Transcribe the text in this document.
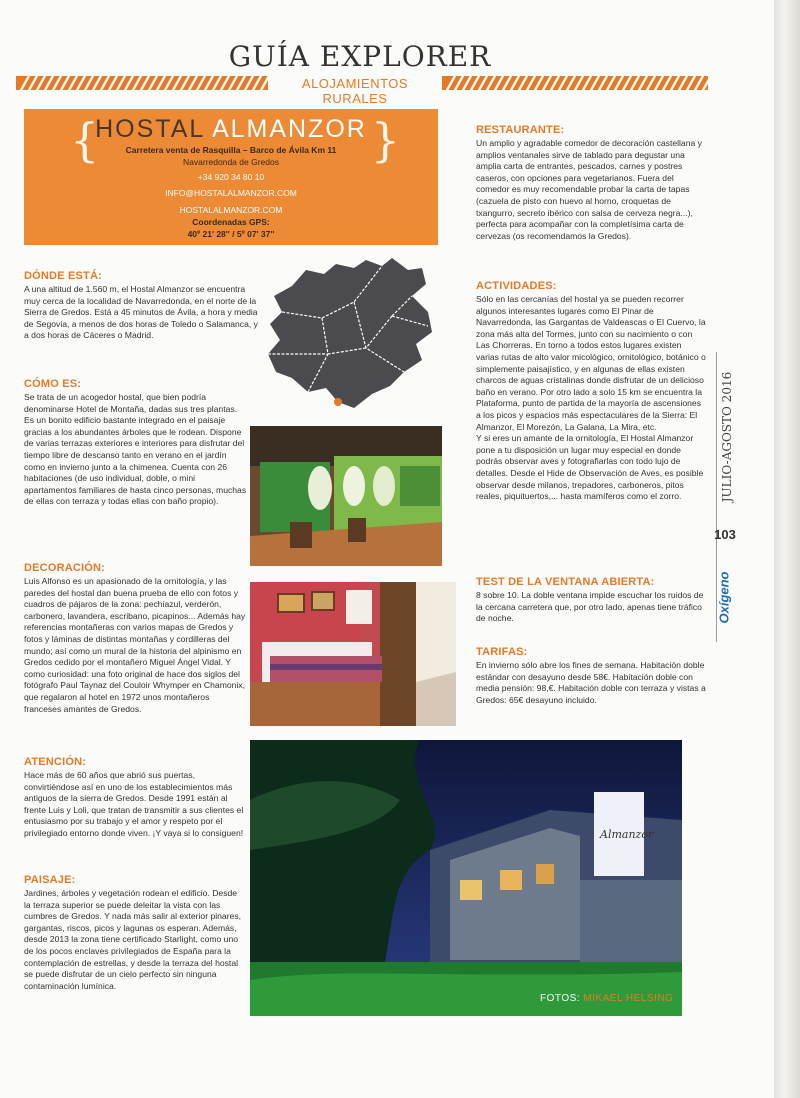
GUÍA EXPLORER
ALOJAMIENTOS RURALES
{	}
HOSTAL ALMANZOR
Carretera venta de Rasquilla – Barco de Ávila Km 11
Navarredonda de Gredos
+34 920 34 80 10
INFO@HOSTALALMANZOR.COM
HOSTALALMANZOR.COM
Coordenadas GPS:
40º 21' 28'' / 5º 07' 37''
DÓNDE ESTÁ:

A una altitud de 1.560 m, el Hostal Almanzor se encuentra muy cerca de la localidad de Navarredonda, en el norte de la Sierra de Gredos. Está a 45 minutos de Ávila, a hora y media de Segovia, a menos de dos horas de Toledo o Salamanca, y a dos horas de Cáceres o Madrid.

CÓMO ES:

Se trata de un acogedor hostal, que bien podría denominarse Hotel de Montaña, dadas sus tres plantas. Es un bonito edificio bastante integrado en el paisaje gracias a los abundantes árboles que le rodean. Dispone de varias terrazas exteriores e interiores para disfrutar del tiempo libre de descanso tanto en verano en el jardín como en invierno junto a la chimenea. Cuenta con 26 habitaciones (de uso individual, doble, o mini apartamentos familiares de hasta cinco personas, muchas de ellas con terraza y todas ellas con baño propio).

DECORACIÓN:

Luis Alfonso es un apasionado de la ornitología, y las paredes del hostal dan buena prueba de ello con fotos y cuadros de pájaros de la zona: pechiazul, verderón, carbonero, lavandera, escribano, picapinos... Además hay referencias montañeras con varios mapas de Gredos y fotos y láminas de distintas montañas y cordilleras del mundo; así como un mural de la historia del alpinismo en Gredos cedido por el montañero Miguel Ángel Vidal. Y como curiosidad: una foto original de hace dos siglos del fotógrafo Paul Taynaz del Couloir Whymper en Chamonix, que regalaron al hotel en 1972 unos montañeros franceses amantes de Gredos.

ATENCIÓN:

Hace más de 60 años que abrió sus puertas, convirtiéndose así en uno de los establecimientos más antiguos de la sierra de Gredos. Desde 1991 están al frente Luis y Loli, que tratan de transmitir a sus clientes el entusiasmo por su trabajo y el amor y respeto por el privilegiado entorno donde viven. ¡Y vaya si lo consiguen!

PAISAJE:

Jardines, árboles y vegetación rodean el edificio. Desde la terraza superior se puede deleitar la vista con las cumbres de Gredos. Y nada más salir al exterior pinares, gargantas, riscos, picos y lagunas os esperan. Además, desde 2013 la zona tiene certificado Starlight, como uno de los pocos enclaves privilegiados de España para la contemplación de estrellas, y desde la terraza del hostal se puede disfrutar de un cielo perfecto sin ninguna contaminación lumínica.

RESTAURANTE:

Un amplio y agradable comedor de decoración castellana y amplios ventanales sirve de tablado para degustar una amplia carta de entrantes, pescados, carnes y postres caseros, con opciones para vegetarianos. Fuera del comedor es muy recomendable probar la carta de tapas (cazuela de pisto con huevo al horno, croquetas de txangurro, secreto ibérico con salsa de cerveza negra...), perfecta para acompañar con la completísima carta de cervezas (os recomendamos la Gredos).

ACTIVIDADES:

Sólo en las cercanías del hostal ya se pueden recorrer algunos interesantes lugares como El Pinar de Navarredonda, las Gargantas de Valdeascas o El Cuervo, la zona más alta del Tormes, junto con su nacimiento o con Las Chorreras. En torno a todos estos lugares existen varias rutas de alto valor micológico, ornitológico, botánico o simplemente paisajístico, y en algunas de ellas existen charcos de aguas cristalinas donde disfrutar de un delicioso baño en verano. Por otro lado a solo 15 km se encuentra la Plataforma, punto de partida de la mayoría de ascensiones a los picos y espacios más espectaculares de la Sierra: El Almanzor, El Morezón, La Galana, La Mira, etc.

Y si eres un amante de la ornitología, El Hostal Almanzor pone a tu disposición un lugar muy especial en donde podrás observar aves y fotografiarlas con todo lujo de detalles. Desde el Hide de Observación de Aves, es posible observar desde milanos, trepadores, carboneros, pitos reales, piquituertos,... hasta mamíferos como el zorro.

TEST DE LA VENTANA ABIERTA:

8 sobre 10. La doble ventana impide escuchar los ruidos de la cercana carretera que, por otro lado, apenas tiene tráfico de noche.

TARIFAS:

En invierno sólo abre los fines de semana. Habitación doble estándar con desayuno desde 58€. Habitación doble con media pensión: 98,€. Habitación doble con terraza y vistas a Gredos: 65€ desayuno incluido.

JULIO-AGOSTO 2016
103
Oxígeno
Almanzor
FOTOS: MIKAEL HELSING
